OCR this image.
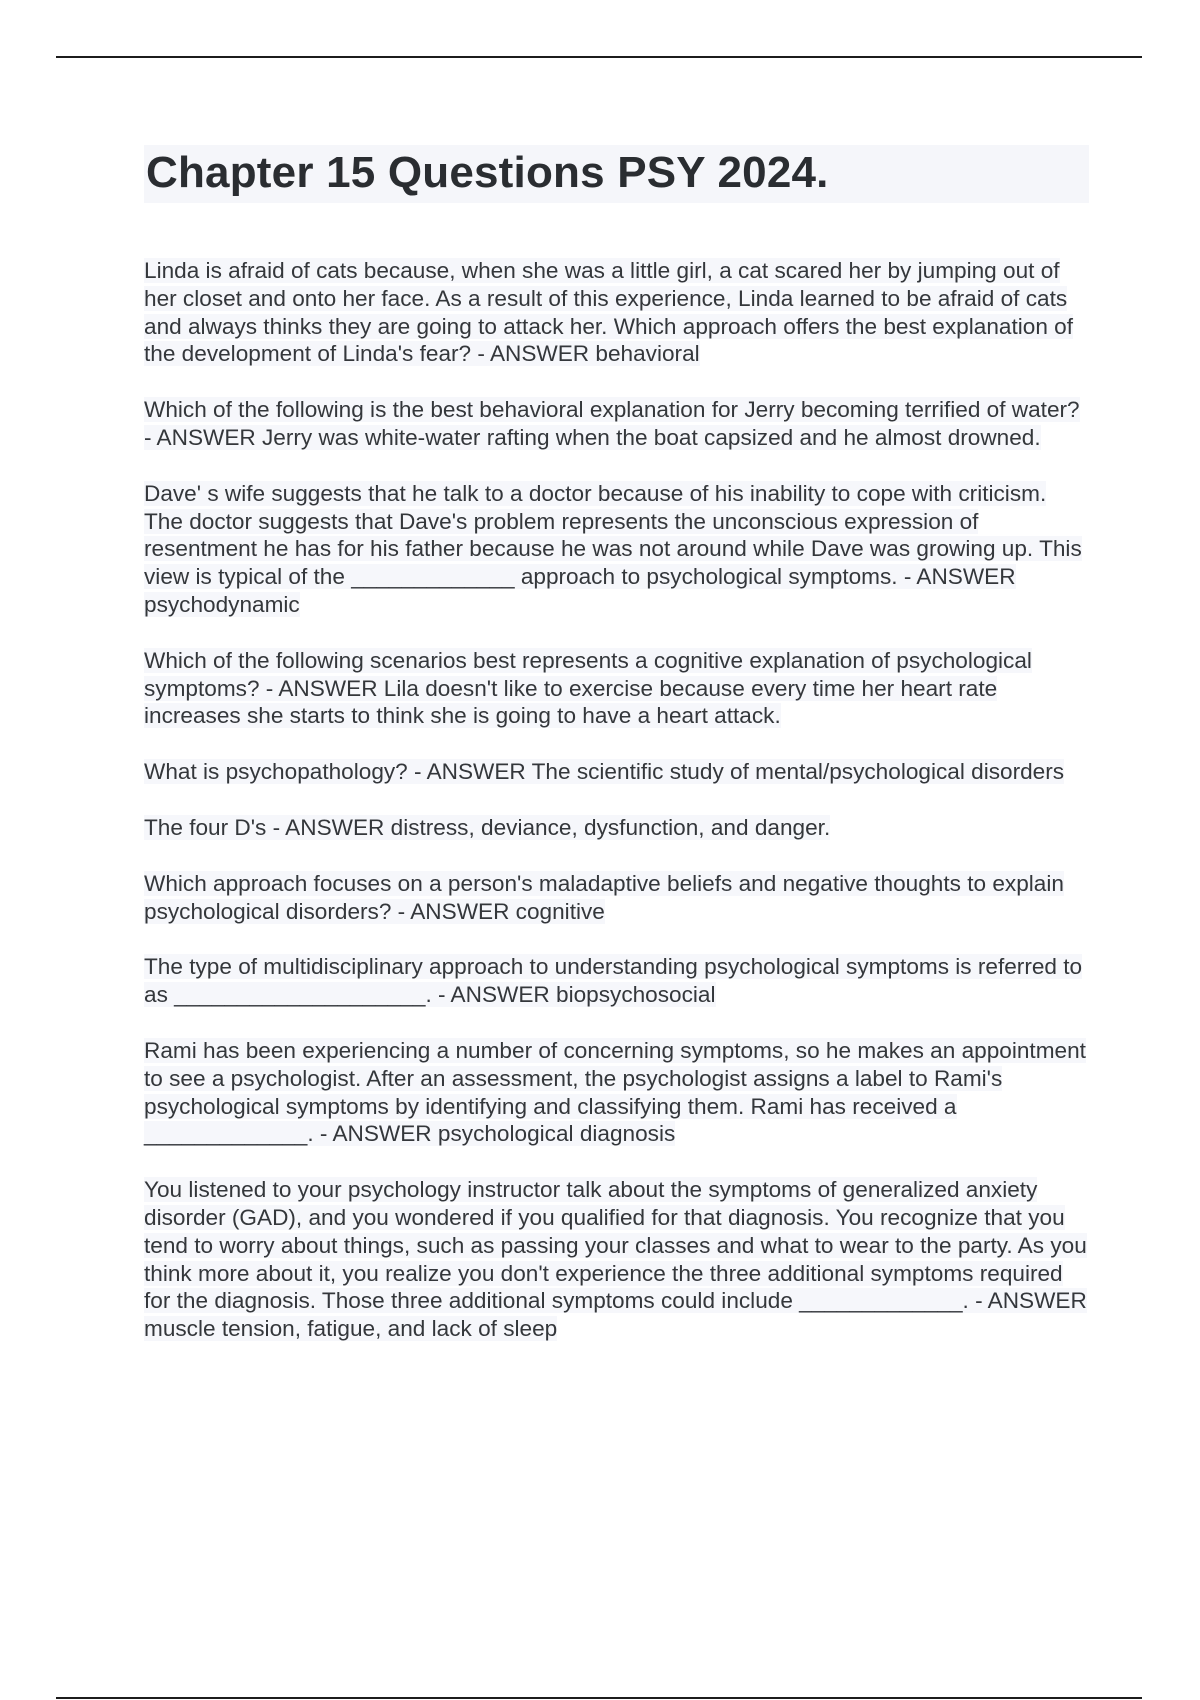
Chapter 15 Questions PSY 2024.
Linda is afraid of cats because, when she was a little girl, a cat scared her by jumping out of her closet and onto her face. As a result of this experience, Linda learned to be afraid of cats and always thinks they are going to attack her. Which approach offers the best explanation of the development of Linda's fear? - ANSWER behavioral
Which of the following is the best behavioral explanation for Jerry becoming terrified of water? - ANSWER Jerry was white-water rafting when the boat capsized and he almost drowned.
Dave' s wife suggests that he talk to a doctor because of his inability to cope with criticism. The doctor suggests that Dave's problem represents the unconscious expression of resentment he has for his father because he was not around while Dave was growing up. This view is typical of the _____________ approach to psychological symptoms. - ANSWER psychodynamic
Which of the following scenarios best represents a cognitive explanation of psychological symptoms? - ANSWER Lila doesn't like to exercise because every time her heart rate increases she starts to think she is going to have a heart attack.
What is psychopathology? - ANSWER The scientific study of mental/psychological disorders
The four D's - ANSWER distress, deviance, dysfunction, and danger.
Which approach focuses on a person's maladaptive beliefs and negative thoughts to explain psychological disorders? - ANSWER cognitive
The type of multidisciplinary approach to understanding psychological symptoms is referred to as ____________________. - ANSWER biopsychosocial
Rami has been experiencing a number of concerning symptoms, so he makes an appointment to see a psychologist. After an assessment, the psychologist assigns a label to Rami's psychological symptoms by identifying and classifying them. Rami has received a _____________. - ANSWER psychological diagnosis
You listened to your psychology instructor talk about the symptoms of generalized anxiety disorder (GAD), and you wondered if you qualified for that diagnosis. You recognize that you tend to worry about things, such as passing your classes and what to wear to the party. As you think more about it, you realize you don't experience the three additional symptoms required for the diagnosis. Those three additional symptoms could include _____________. - ANSWER muscle tension, fatigue, and lack of sleep
